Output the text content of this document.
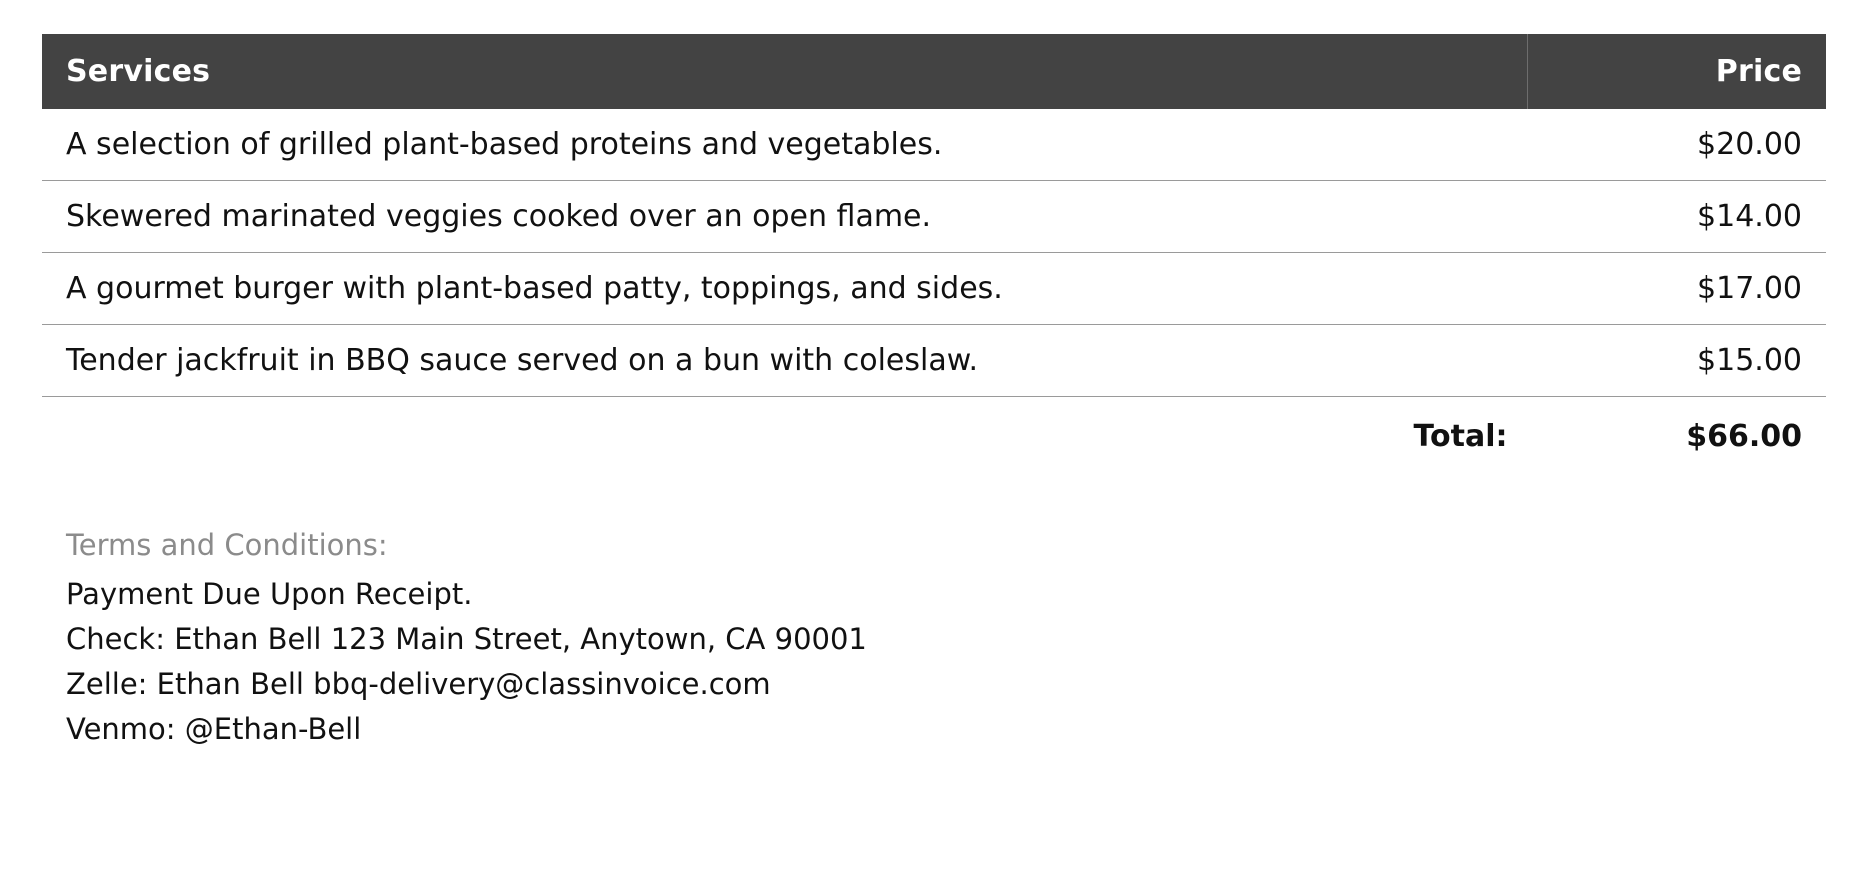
Services	Price
A selection of grilled plant-based proteins and vegetables.	$20.00
Skewered marinated veggies cooked over an open flame.	$14.00
A gourmet burger with plant-based patty, toppings, and sides.	$17.00
Tender jackfruit in BBQ sauce served on a bun with coleslaw.	$15.00
Total:	$66.00
Terms and Conditions:
Payment Due Upon Receipt.
Check: Ethan Bell 123 Main Street, Anytown, CA 90001
Zelle: Ethan Bell bbq-delivery@classinvoice.com
Venmo: @Ethan-Bell
